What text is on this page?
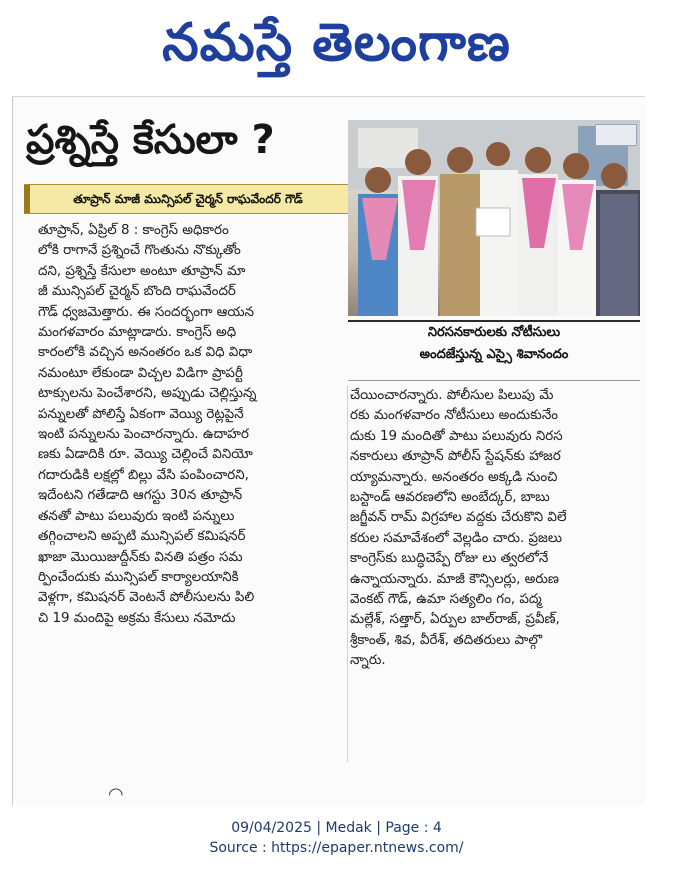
నమస్తే తెలంగాణ
ప్రశ్నిస్తే కేసులా ?
తూప్రాన్ మాజీ మున్సిపల్ చైర్మన్ రాఘవేందర్ గౌడ్
తూప్రాన్, ఏప్రిల్ 8 : కాంగ్రెస్ అధికారం
లోకి రాగానే ప్రశ్నించే గొంతును నొక్కుతోం
దని, ప్రశ్నిస్తే కేసులా అంటూ తూప్రాన్ మా
జీ మున్సిపల్ చైర్మన్ బొంది రాఘవేందర్
గౌడ్ ధ్వజమెత్తారు. ఈ సందర్భంగా ఆయన
మంగళవారం మాట్లాడారు. కాంగ్రెస్ అధి
కారంలోకి వచ్చిన అనంతరం ఒక విధి విధా
నమంటూ లేకుండా విచ్చల విడిగా ప్రాపర్టీ
టాక్సులను పెంచేశారని, అప్పుడు చెల్లిస్తున్న
పన్నులతో పోలిస్తే ఏకంగా వెయ్యి రెట్లపైనే
ఇంటి పన్నులను పెంచారన్నారు. ఉదాహర
ణకు ఏడాదికి రూ. వెయ్యి చెల్లించే వినియో
గదారుడికి లక్షల్లో బిల్లు వేసి పంపించారని,
ఇదేంటని గతేడాది ఆగస్టు 30న తూప్రాన్
తనతో పాటు పలువురు ఇంటి పన్నులు
తగ్గించాలని అప్పటి మున్సిపల్ కమిషనర్
ఖాజా మొయిజుద్దీన్‌కు వినతి పత్రం సమ
ర్పించేందుకు మున్సిపల్ కార్యాలయానికి
వెళ్లగా, కమిషనర్ వెంటనే పోలీసులను పిలి
చి 19 మందిపై అక్రమ కేసులు నమోదు
నిరసనకారులకు నోటీసులు
అందజేస్తున్న ఎస్సై శివానందం
చేయించారన్నారు. పోలీసుల పిలుపు మే
రకు మంగళవారం నోటీసులు అందుకునేం
దుకు 19 మందితో పాటు పలువురు నిరస
నకారులు తూప్రాన్ పోలీస్ స్టేషన్‌కు హాజర
య్యామన్నారు. అనంతరం అక్కడి నుంచి
బస్టాండ్ ఆవరణలోని అంబేద్కర్, బాబు
జగ్జీవన్ రామ్ విగ్రహాల వద్దకు చేరుకొని విలే
కరుల సమావేశంలో వెల్లడిం చారు. ప్రజలు
కాంగ్రెస్‌కు బుద్ధిచెప్పే రోజు లు త్వరలోనే
ఉన్నాయన్నారు. మాజీ కౌన్సిలర్లు, అరుణ
వెంకట్ గౌడ్, ఉమా సత్యలిం గం, పద్మ
మల్లేశ్, సత్తార్, ఏర్పుల బాల్‌రాజ్, ప్రవీణ్,
శ్రీకాంత్, శివ, వీరేశ్, తదితరులు పాల్గొ
న్నారు.
◠
09/04/2025 | Medak | Page : 4
Source : https://epaper.ntnews.com/
